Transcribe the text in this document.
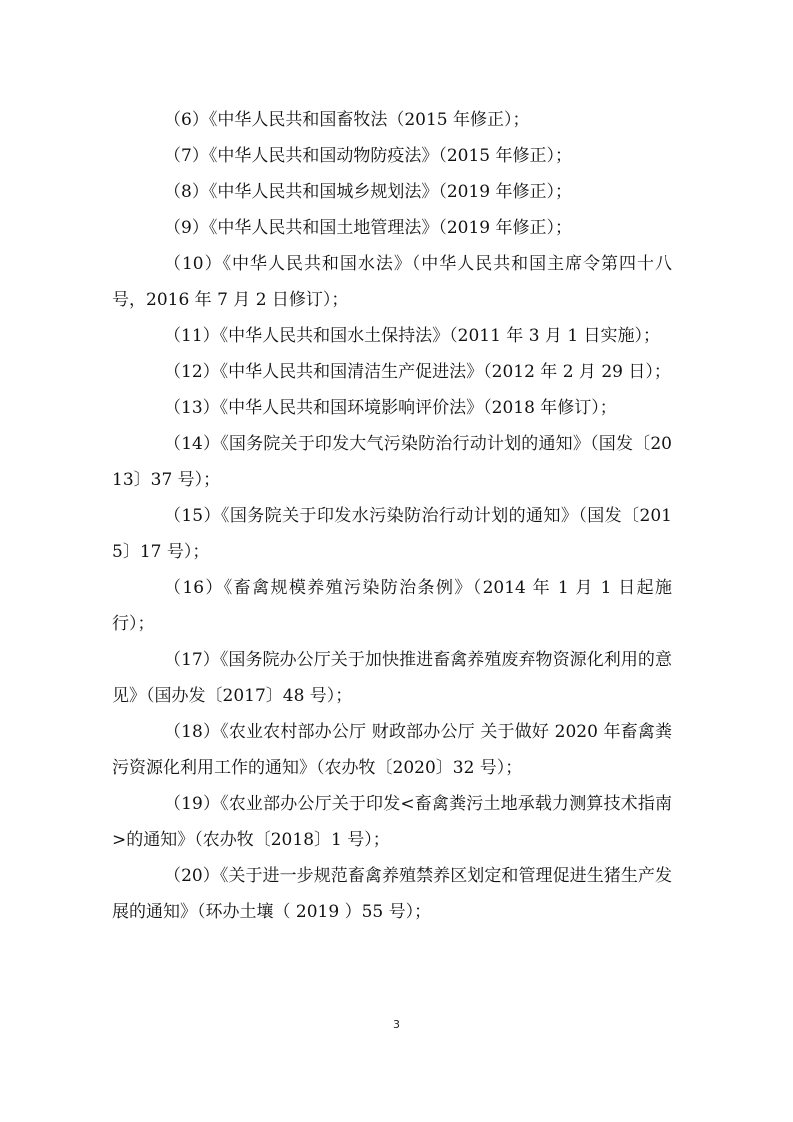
（6）《中华人民共和国畜牧法（2015 年修正）；

（7）《中华人民共和国动物防疫法》（2015 年修正）；

（8）《中华人民共和国城乡规划法》（2019 年修正）；

（9）《中华人民共和国土地管理法》（2019 年修正）；

（10）《中华人民共和国水法》（中华人民共和国主席令第四十八号，2016 年 7 月 2 日修订）；

（11）《中华人民共和国水土保持法》（2011 年 3 月 1 日实施）；

（12）《中华人民共和国清洁生产促进法》（2012 年 2 月 29 日）；

（13）《中华人民共和国环境影响评价法》（2018 年修订）；

（14）《国务院关于印发大气污染防治行动计划的通知》（国发〔2013〕37 号）；

（15）《国务院关于印发水污染防治行动计划的通知》（国发〔2015〕17 号）；

（16）《畜禽规模养殖污染防治条例》（2014 年 1 月 1 日起施行）；

（17）《国务院办公厅关于加快推进畜禽养殖废弃物资源化利用的意见》（国办发〔2017〕48 号）；

（18）《农业农村部办公厅 财政部办公厅 关于做好 2020 年畜禽粪污资源化利用工作的通知》（农办牧〔2020〕32 号）；

（19）《农业部办公厅关于印发<畜禽粪污土地承载力测算技术指南>的通知》（农办牧〔2018〕1 号）；

（20）《关于进一步规范畜禽养殖禁养区划定和管理促进生猪生产发展的通知》（环办土壤（ 2019 ）55 号）；

3
